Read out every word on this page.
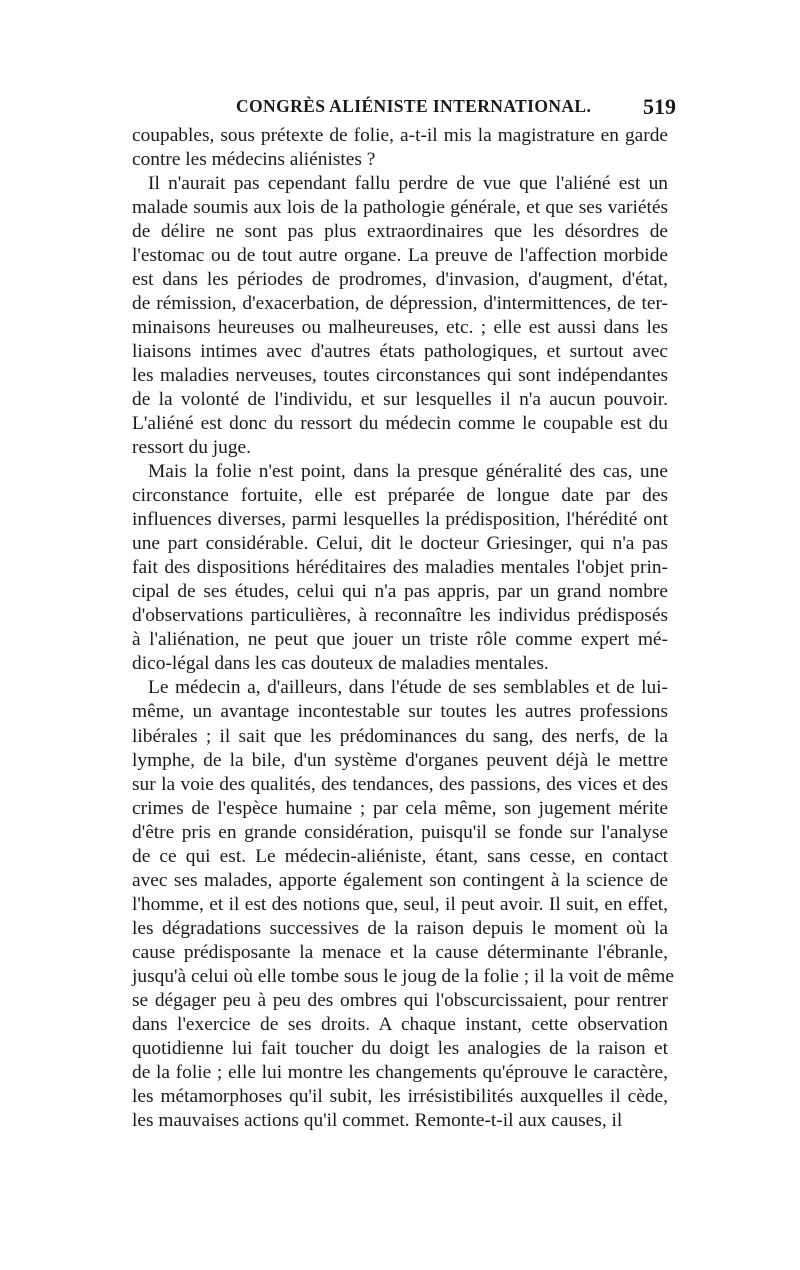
CONGRÈS ALIÉNISTE INTERNATIONAL. 519
coupables, sous prétexte de folie, a-t-il mis la magistrature en garde
contre les médecins aliénistes ?
Il n'aurait pas cependant fallu perdre de vue que l'aliéné est un
malade soumis aux lois de la pathologie générale, et que ses variétés
de délire ne sont pas plus extraordinaires que les désordres de
l'estomac ou de tout autre organe. La preuve de l'affection morbide
est dans les périodes de prodromes, d'invasion, d'augment, d'état,
de rémission, d'exacerbation, de dépression, d'intermittences, de ter-
minaisons heureuses ou malheureuses, etc. ; elle est aussi dans les
liaisons intimes avec d'autres états pathologiques, et surtout avec
les maladies nerveuses, toutes circonstances qui sont indépendantes
de la volonté de l'individu, et sur lesquelles il n'a aucun pouvoir.
L'aliéné est donc du ressort du médecin comme le coupable est du
ressort du juge.
Mais la folie n'est point, dans la presque généralité des cas, une
circonstance fortuite, elle est préparée de longue date par des
influences diverses, parmi lesquelles la prédisposition, l'hérédité ont
une part considérable. Celui, dit le docteur Griesinger, qui n'a pas
fait des dispositions héréditaires des maladies mentales l'objet prin-
cipal de ses études, celui qui n'a pas appris, par un grand nombre
d'observations particulières, à reconnaître les individus prédisposés
à l'aliénation, ne peut que jouer un triste rôle comme expert mé-
dico-légal dans les cas douteux de maladies mentales.
Le médecin a, d'ailleurs, dans l'étude de ses semblables et de lui-
même, un avantage incontestable sur toutes les autres professions
libérales ; il sait que les prédominances du sang, des nerfs, de la
lymphe, de la bile, d'un système d'organes peuvent déjà le mettre
sur la voie des qualités, des tendances, des passions, des vices et des
crimes de l'espèce humaine ; par cela même, son jugement mérite
d'être pris en grande considération, puisqu'il se fonde sur l'analyse
de ce qui est. Le médecin-aliéniste, étant, sans cesse, en contact
avec ses malades, apporte également son contingent à la science de
l'homme, et il est des notions que, seul, il peut avoir. Il suit, en effet,
les dégradations successives de la raison depuis le moment où la
cause prédisposante la menace et la cause déterminante l'ébranle,
jusqu'à celui où elle tombe sous le joug de la folie ; il la voit de même
se dégager peu à peu des ombres qui l'obscurcissaient, pour rentrer
dans l'exercice de ses droits. A chaque instant, cette observation
quotidienne lui fait toucher du doigt les analogies de la raison et
de la folie ; elle lui montre les changements qu'éprouve le caractère,
les métamorphoses qu'il subit, les irrésistibilités auxquelles il cède,
les mauvaises actions qu'il commet. Remonte-t-il aux causes, il
